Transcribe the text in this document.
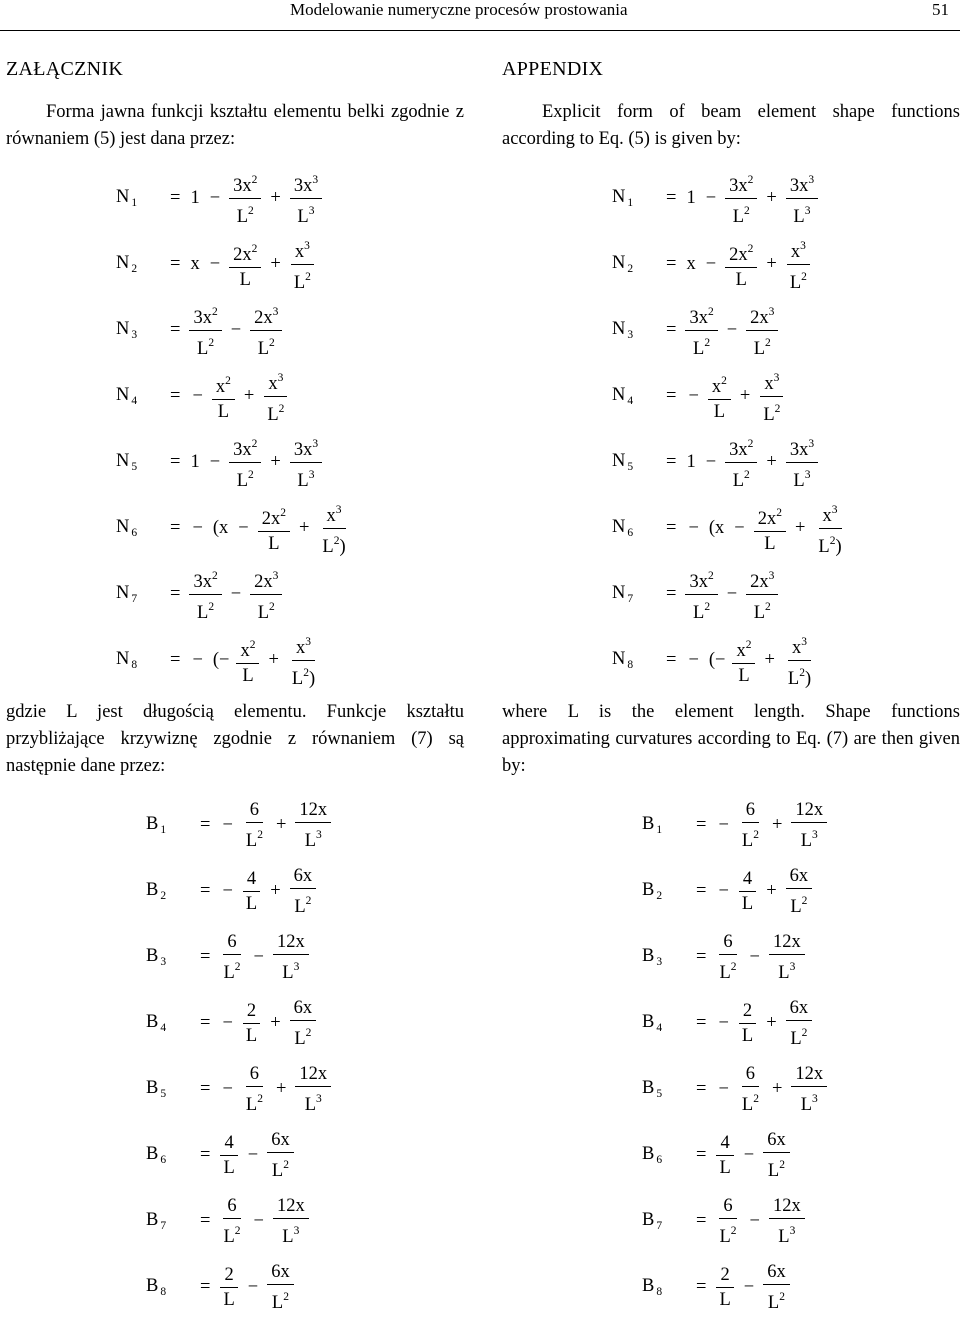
Modelowanie numeryczne procesów prostowania	51
ZAŁĄCZNIK

Forma jawna funkcji kształtu elementu belki zgodnie z równaniem (5) jest dana przez:

N $_1$	= $1 - \frac{3x^2}{L^2} + \frac{3x^3}{L^3}$
N $_2$	= $x - \frac{2x^2}{L} + \frac{x^3}{L^2}$
N $_3$	= $\frac{3x^2}{L^2} - \frac{2x^3}{L^2}$
N $_4$	= − $\frac{x^2}{L} + \frac{x^3}{L^2}$
N $_5$	= $1 - \frac{3x^2}{L^2} + \frac{3x^3}{L^3}$
N $_6$	= − ($x - \frac{2x^2}{L} + \frac{x^3}{L^2)}$
N $_7$	= $\frac{3x^2}{L^2} - \frac{2x^3}{L^2}$
N $_8$	= − (− $\frac{x^2}{L} + \frac{x^3}{L^2)}$

gdzie L jest długością elementu. Funkcje kształtu przybliżające krzywiznę zgodnie z równaniem (7) są następnie dane przez:

B $_1$	= − $\frac{6}{L^2} + \frac{12x}{L^3}$
B $_2$	= − $\frac{4}{L} + \frac{6x}{L^2}$
B $_3$	= $\frac{6}{L^2} - \frac{12x}{L^3}$
B $_4$	= − $\frac{2}{L} + \frac{6x}{L^2}$
B $_5$	= − $\frac{6}{L^2} + \frac{12x}{L^3}$
B $_6$	= $\frac{4}{L} - \frac{6x}{L^2}$
B $_7$	= $\frac{6}{L^2} - \frac{12x}{L^3}$
B $_8$	= $\frac{2}{L} - \frac{6x}{L^2}$
APPENDIX

Explicit form of beam element shape functions according to Eq. (5) is given by:

N $_1$	= $1 - \frac{3x^2}{L^2} + \frac{3x^3}{L^3}$
N $_2$	= $x - \frac{2x^2}{L} + \frac{x^3}{L^2}$
N $_3$	= $\frac{3x^2}{L^2} - \frac{2x^3}{L^2}$
N $_4$	= − $\frac{x^2}{L} + \frac{x^3}{L^2}$
N $_5$	= $1 - \frac{3x^2}{L^2} + \frac{3x^3}{L^3}$
N $_6$	= − ($x - \frac{2x^2}{L} + \frac{x^3}{L^2)}$
N $_7$	= $\frac{3x^2}{L^2} - \frac{2x^3}{L^2}$
N $_8$	= − (− $\frac{x^2}{L} + \frac{x^3}{L^2)}$

where L is the element length. Shape functions approximating curvatures according to Eq. (7) are then given by:

B $_1$	= − $\frac{6}{L^2} + \frac{12x}{L^3}$
B $_2$	= − $\frac{4}{L} + \frac{6x}{L^2}$
B $_3$	= $\frac{6}{L^2} - \frac{12x}{L^3}$
B $_4$	= − $\frac{2}{L} + \frac{6x}{L^2}$
B $_5$	= − $\frac{6}{L^2} + \frac{12x}{L^3}$
B $_6$	= $\frac{4}{L} - \frac{6x}{L^2}$
B $_7$	= $\frac{6}{L^2} - \frac{12x}{L^3}$
B $_8$	= $\frac{2}{L} - \frac{6x}{L^2}$
